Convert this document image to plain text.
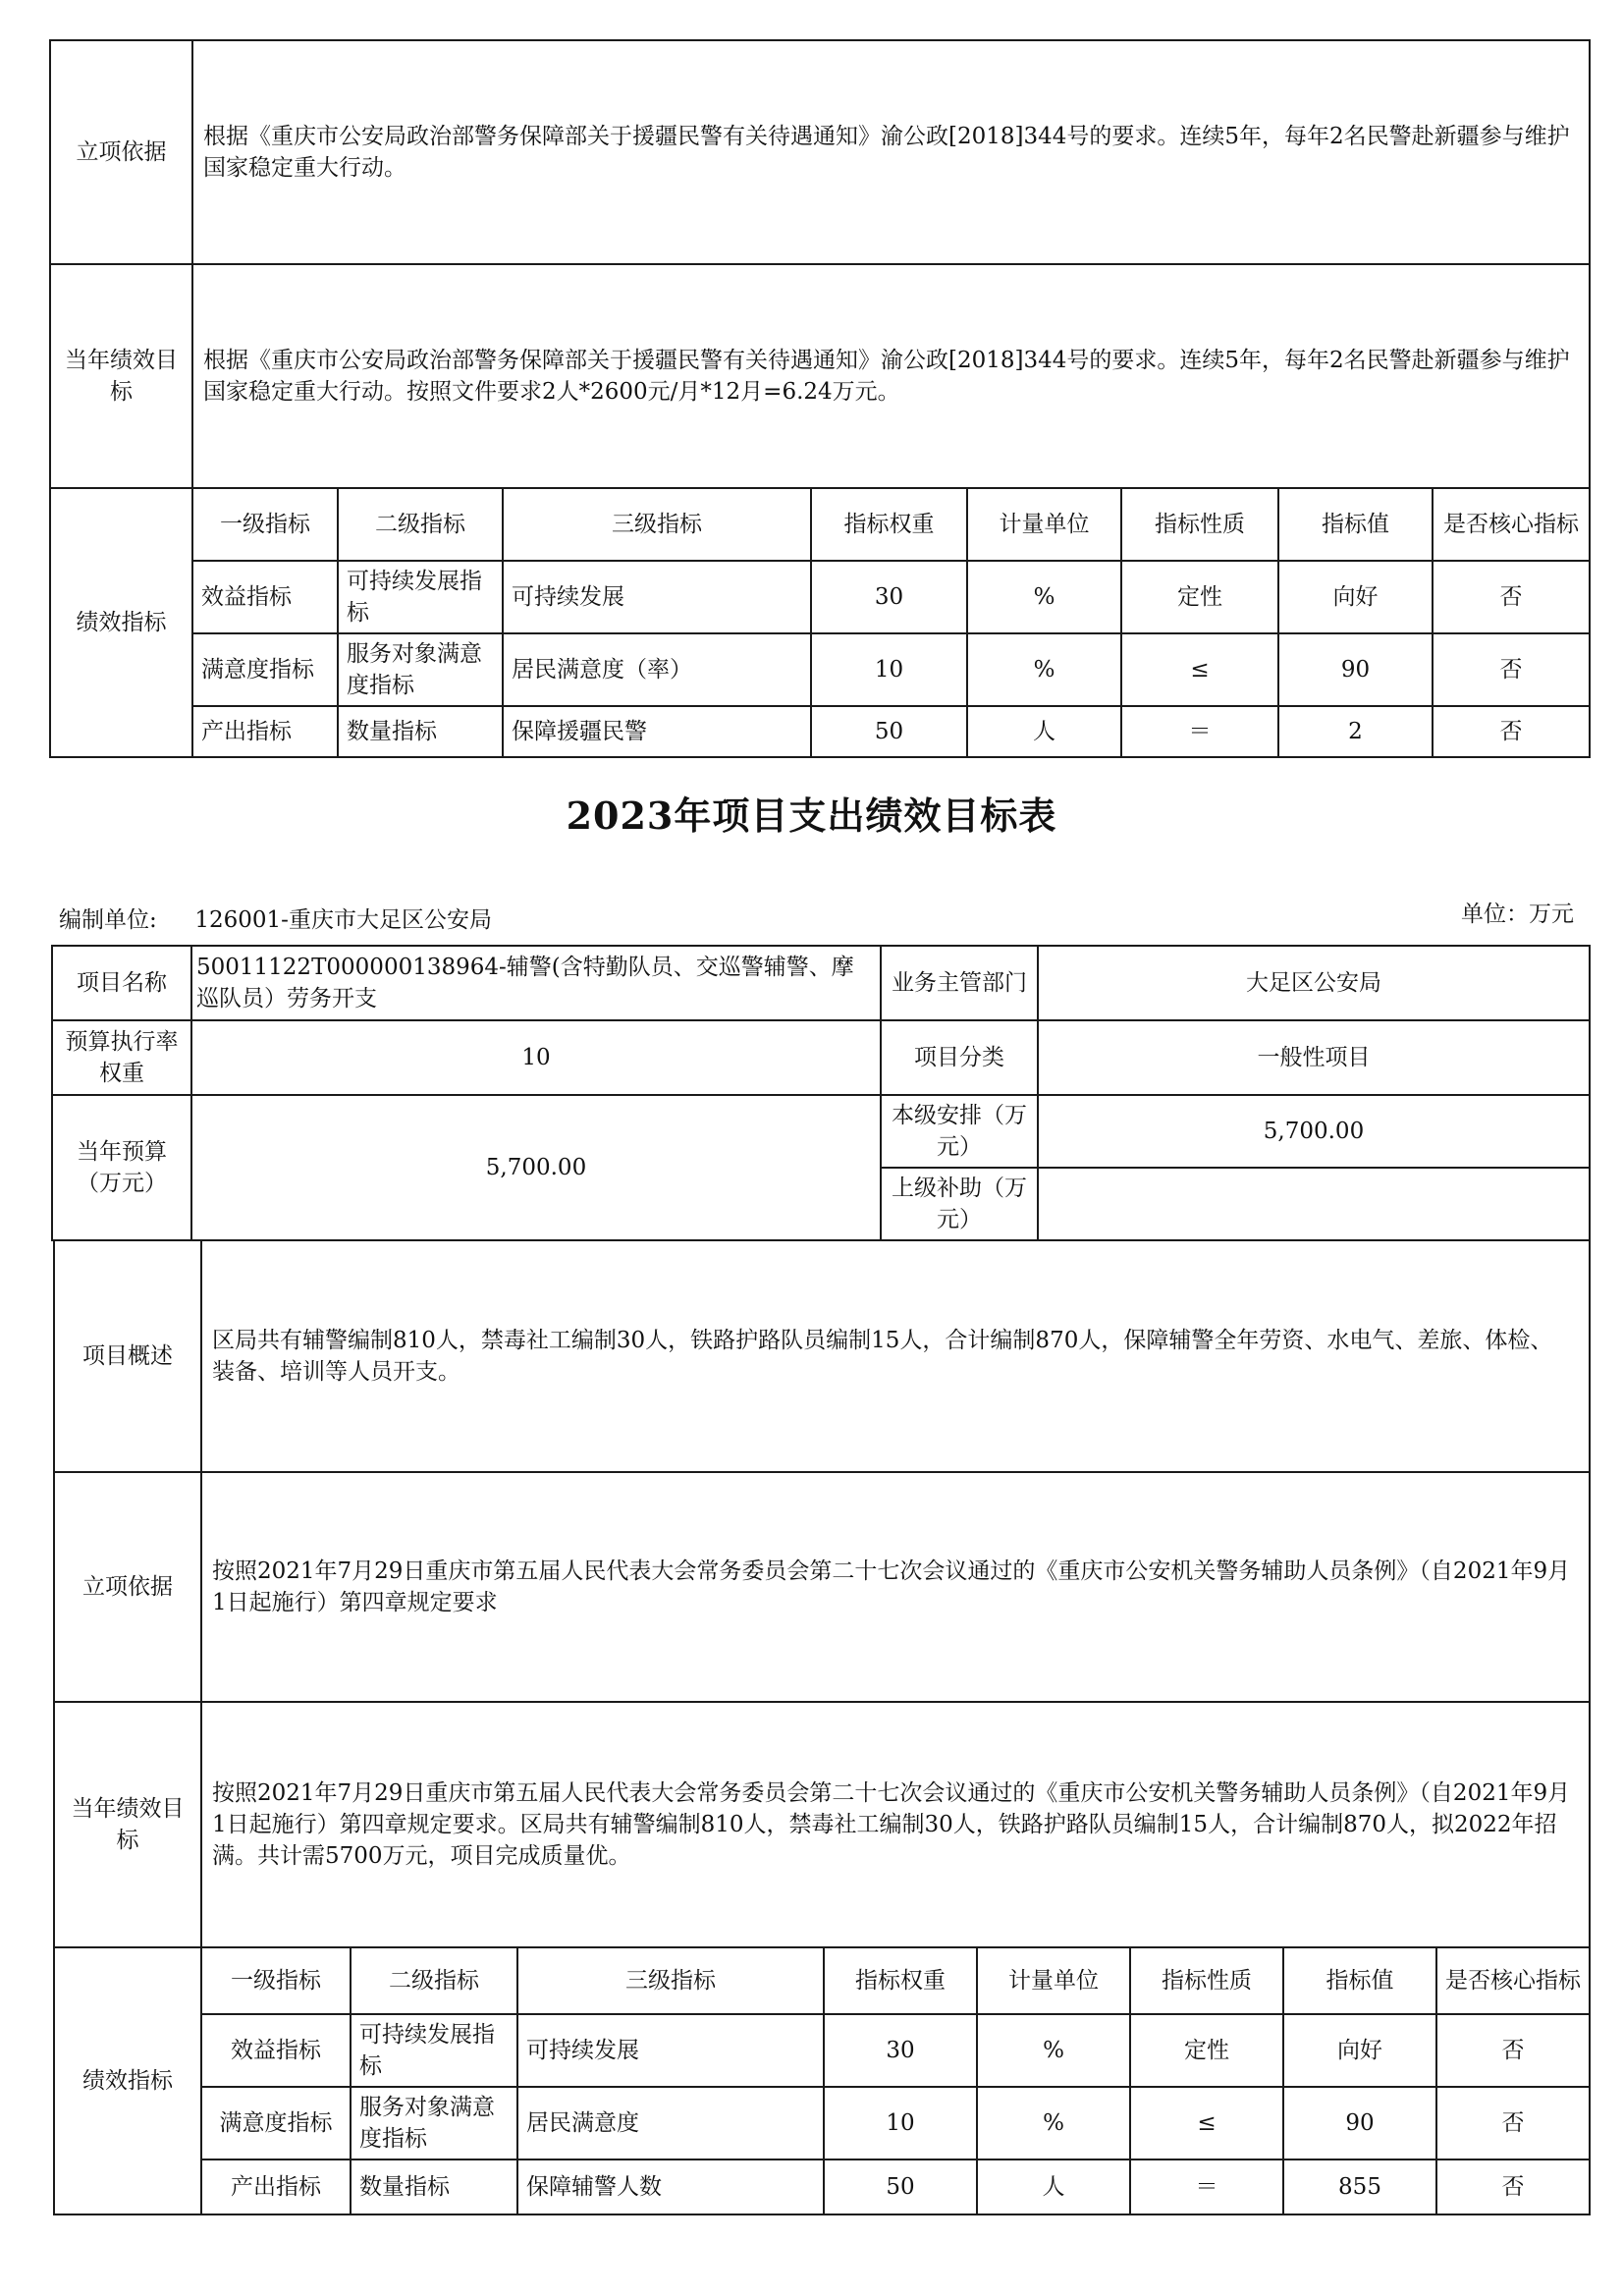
立项依据	根据《重庆市公安局政治部警务保障部关于援疆民警有关待遇通知》渝公政[2018]344号的要求。连续5年，每年2名民警赴新疆参与维护国家稳定重大行动。							
当年绩效目标	根据《重庆市公安局政治部警务保障部关于援疆民警有关待遇通知》渝公政[2018]344号的要求。连续5年，每年2名民警赴新疆参与维护国家稳定重大行动。按照文件要求2人*2600元/月*12月=6.24万元。							
绩效指标	一级指标	二级指标	三级指标	指标权重	计量单位	指标性质	指标值	是否核心指标
	效益指标	可持续发展指标	可持续发展	30	%	定性	向好	否
	满意度指标	服务对象满意度指标	居民满意度（率）	10	%	≤	90	否
	产出指标	数量指标	保障援疆民警	50	人	＝	2	否
2023年项目支出绩效目标表
编制单位: 126001-重庆市大足区公安局	单位：万元
项目名称	50011122T000000138964-辅警(含特勤队员、交巡警辅警、摩巡队员）劳务开支	业务主管部门	大足区公安局
预算执行率权重	10	项目分类	一般性项目
当年预算（万元）	5,700.00	本级安排（万元）	5,700.00
		上级补助（万元）	
项目概述	区局共有辅警编制810人，禁毒社工编制30人，铁路护路队员编制15人，合计编制870人，保障辅警全年劳资、水电气、差旅、体检、装备、培训等人员开支。							
立项依据	按照2021年7月29日重庆市第五届人民代表大会常务委员会第二十七次会议通过的《重庆市公安机关警务辅助人员条例》（自2021年9月1日起施行）第四章规定要求							
当年绩效目标	按照2021年7月29日重庆市第五届人民代表大会常务委员会第二十七次会议通过的《重庆市公安机关警务辅助人员条例》（自2021年9月1日起施行）第四章规定要求。区局共有辅警编制810人，禁毒社工编制30人，铁路护路队员编制15人，合计编制870人，拟2022年招满。共计需5700万元，项目完成质量优。							
绩效指标	一级指标	二级指标	三级指标	指标权重	计量单位	指标性质	指标值	是否核心指标
	效益指标	可持续发展指标	可持续发展	30	%	定性	向好	否
	满意度指标	服务对象满意度指标	居民满意度	10	%	≤	90	否
	产出指标	数量指标	保障辅警人数	50	人	＝	855	否
